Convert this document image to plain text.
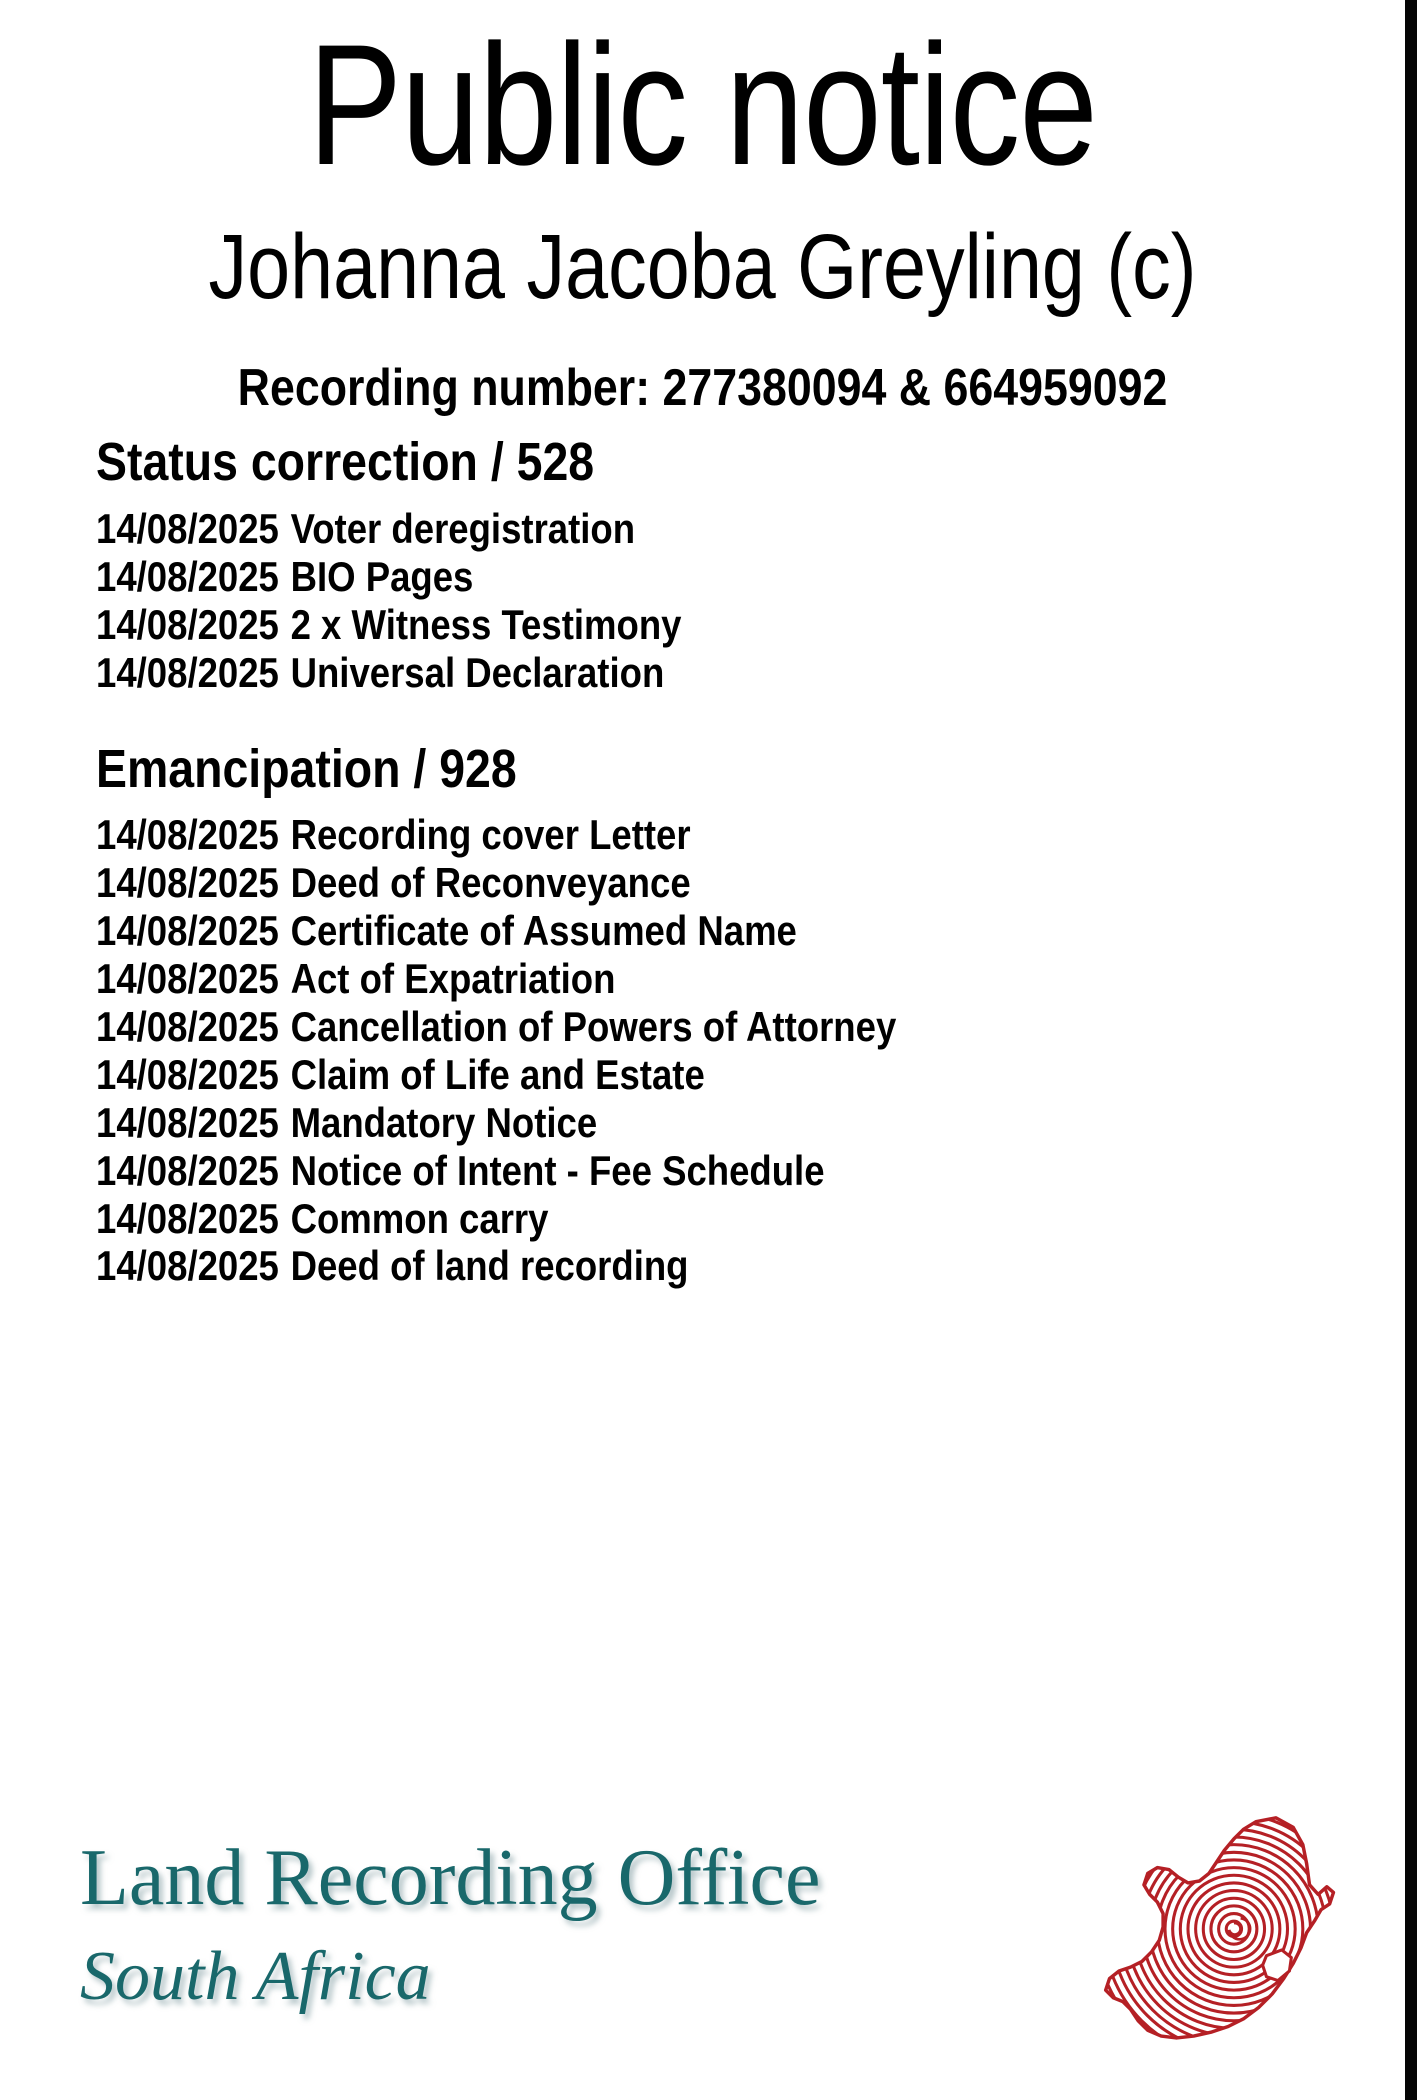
Public notice
Johanna Jacoba Greyling (c)

Recording number: 277380094 & 664959092

Status correction / 528
14/08/2025 Voter deregistration
14/08/2025 BIO Pages
14/08/2025 2 x Witness Testimony
14/08/2025 Universal Declaration
Emancipation / 928
14/08/2025 Recording cover Letter
14/08/2025 Deed of Reconveyance
14/08/2025 Certificate of Assumed Name
14/08/2025 Act of Expatriation
14/08/2025 Cancellation of Powers of Attorney
14/08/2025 Claim of Life and Estate
14/08/2025 Mandatory Notice
14/08/2025 Notice of Intent - Fee Schedule
14/08/2025 Common carry
14/08/2025 Deed of land recording
Land Recording Office
South Africa
